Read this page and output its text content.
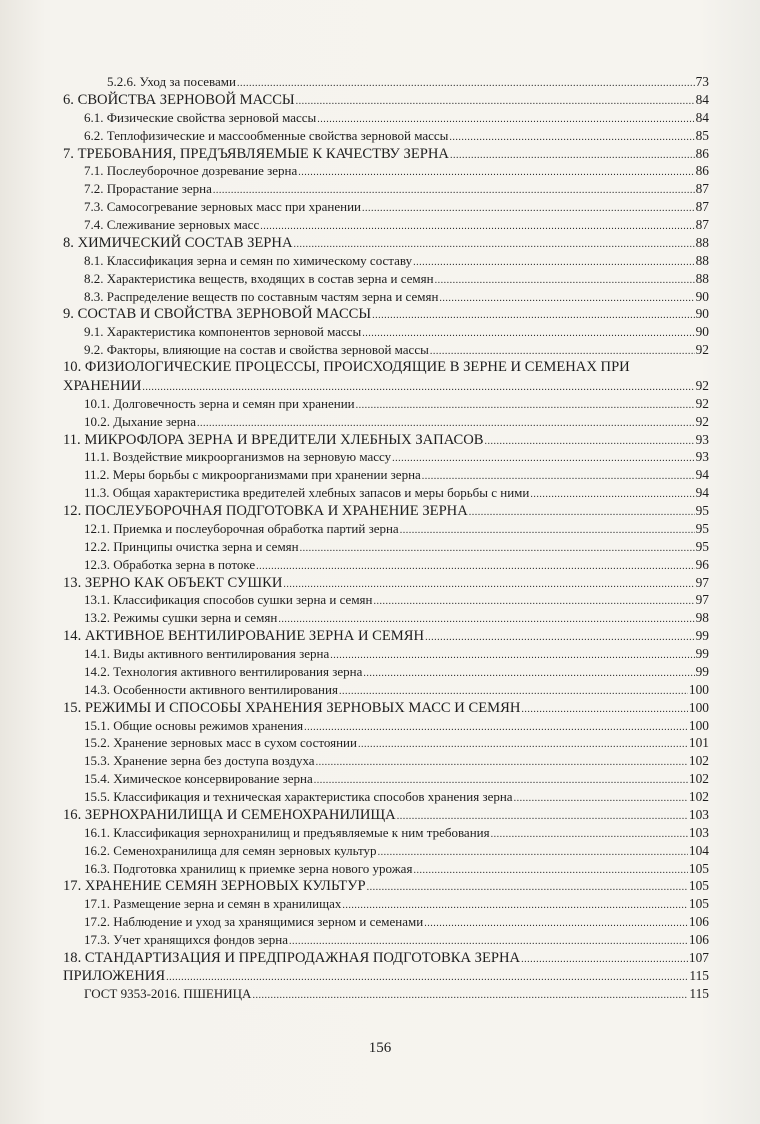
5.2.6. Уход за посевами .....	73
6. СВОЙСТВА ЗЕРНОВОЙ МАССЫ .....	84
6.1. Физические свойства зерновой массы .....	84
6.2. Теплофизические и массообменные свойства зерновой массы .....	85
7. ТРЕБОВАНИЯ, ПРЕДЪЯВЛЯЕМЫЕ К КАЧЕСТВУ ЗЕРНА .....	86
7.1. Послеуборочное дозревание зерна .....	86
7.2. Прорастание зерна .....	87
7.3. Самосогревание зерновых масс при хранении .....	87
7.4. Слеживание зерновых масс .....	87
8. ХИМИЧЕСКИЙ СОСТАВ ЗЕРНА .....	88
8.1. Классификация зерна и семян по химическому составу .....	88
8.2. Характеристика веществ, входящих в состав зерна и семян .....	88
8.3. Распределение веществ по составным частям зерна и семян .....	90
9. СОСТАВ И СВОЙСТВА ЗЕРНОВОЙ МАССЫ .....	90
9.1. Характеристика компонентов зерновой массы .....	90
9.2. Факторы, влияющие на состав и свойства зерновой массы .....	92
10. ФИЗИОЛОГИЧЕСКИЕ ПРОЦЕССЫ, ПРОИСХОДЯЩИЕ В ЗЕРНЕ И СЕМЕНАХ ПРИ
ХРАНЕНИИ .....	92
10.1. Долговечность зерна и семян при хранении .....	92
10.2. Дыхание зерна .....	92
11. МИКРОФЛОРА ЗЕРНА И ВРЕДИТЕЛИ ХЛЕБНЫХ ЗАПАСОВ .....	93
11.1. Воздействие микроорганизмов на зерновую массу .....	93
11.2. Меры борьбы с микроорганизмами при хранении зерна .....	94
11.3. Общая характеристика вредителей хлебных запасов и меры борьбы с ними .....	94
12. ПОСЛЕУБОРОЧНАЯ ПОДГОТОВКА И ХРАНЕНИЕ ЗЕРНА .....	95
12.1. Приемка и послеуборочная обработка партий зерна .....	95
12.2. Принципы очистка зерна и семян .....	95
12.3. Обработка зерна в потоке .....	96
13. ЗЕРНО КАК ОБЪЕКТ СУШКИ .....	97
13.1. Классификация способов сушки зерна и семян .....	97
13.2. Режимы сушки зерна и семян .....	98
14. АКТИВНОЕ ВЕНТИЛИРОВАНИЕ ЗЕРНА И СЕМЯН .....	99
14.1. Виды активного вентилирования зерна .....	99
14.2. Технология активного вентилирования зерна .....	99
14.3. Особенности активного вентилирования .....	100
15. РЕЖИМЫ И СПОСОБЫ ХРАНЕНИЯ ЗЕРНОВЫХ МАСС И СЕМЯН .....	100
15.1. Общие основы режимов хранения .....	100
15.2. Хранение зерновых масс в сухом состоянии .....	101
15.3. Хранение зерна без доступа воздуха .....	102
15.4. Химическое консервирование зерна .....	102
15.5. Классификация и техническая характеристика способов хранения зерна .....	102
16. ЗЕРНОХРАНИЛИЩА И СЕМЕНОХРАНИЛИЩА .....	103
16.1. Классификация зернохранилищ и предъявляемые к ним требования .....	103
16.2. Семенохранилища для семян зерновых культур .....	104
16.3. Подготовка хранилищ к приемке зерна нового урожая .....	105
17. ХРАНЕНИЕ СЕМЯН ЗЕРНОВЫХ КУЛЬТУР .....	105
17.1. Размещение зерна и семян в хранилищах .....	105
17.2. Наблюдение и уход за хранящимися зерном и семенами .....	106
17.3. Учет хранящихся фондов зерна .....	106
18. СТАНДАРТИЗАЦИЯ И ПРЕДПРОДАЖНАЯ ПОДГОТОВКА ЗЕРНА .....	107
ПРИЛОЖЕНИЯ .....	115
ГОСТ 9353-2016. ПШЕНИЦА .....	115
156
